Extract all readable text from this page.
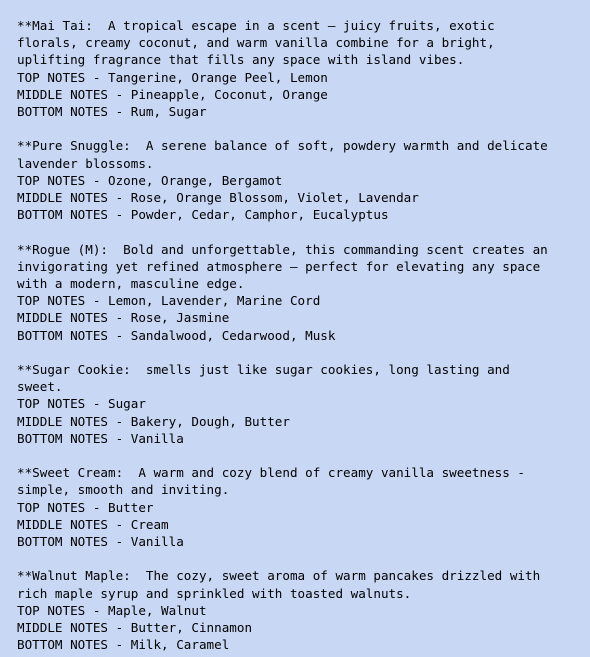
**Mai Tai:  A tropical escape in a scent — juicy fruits, exotic
florals, creamy coconut, and warm vanilla combine for a bright,
uplifting fragrance that fills any space with island vibes.
TOP NOTES - Tangerine, Orange Peel, Lemon
MIDDLE NOTES - Pineapple, Coconut, Orange
BOTTOM NOTES - Rum, Sugar
**Pure Snuggle:  A serene balance of soft, powdery warmth and delicate
lavender blossoms.
TOP NOTES - Ozone, Orange, Bergamot
MIDDLE NOTES - Rose, Orange Blossom, Violet, Lavendar
BOTTOM NOTES - Powder, Cedar, Camphor, Eucalyptus
**Rogue (M):  Bold and unforgettable, this commanding scent creates an
invigorating yet refined atmosphere — perfect for elevating any space
with a modern, masculine edge.
TOP NOTES - Lemon, Lavender, Marine Cord
MIDDLE NOTES - Rose, Jasmine
BOTTOM NOTES - Sandalwood, Cedarwood, Musk
**Sugar Cookie:  smells just like sugar cookies, long lasting and
sweet.
TOP NOTES - Sugar
MIDDLE NOTES - Bakery, Dough, Butter
BOTTOM NOTES - Vanilla
**Sweet Cream:  A warm and cozy blend of creamy vanilla sweetness -
simple, smooth and inviting.
TOP NOTES - Butter
MIDDLE NOTES - Cream
BOTTOM NOTES - Vanilla
**Walnut Maple:  The cozy, sweet aroma of warm pancakes drizzled with
rich maple syrup and sprinkled with toasted walnuts.
TOP NOTES - Maple, Walnut
MIDDLE NOTES - Butter, Cinnamon
BOTTOM NOTES - Milk, Caramel
